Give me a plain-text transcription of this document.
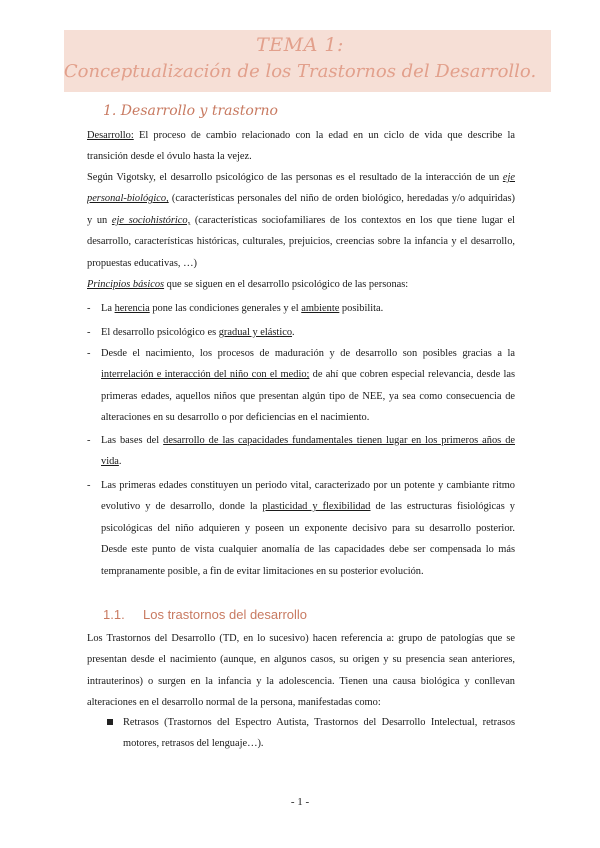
TEMA 1:
Conceptualización de los Trastornos del Desarrollo.
1. Desarrollo y trastorno
Desarrollo: El proceso de cambio relacionado con la edad en un ciclo de vida que describe la
transición desde el óvulo hasta la vejez.
Según Vigotsky, el desarrollo psicológico de las personas es el resultado de la interacción de un eje
personal-biológico, (características personales del niño de orden biológico, heredadas y/o adquiridas)
y un eje sociohistórico, (características sociofamiliares de los contextos en los que tiene lugar el
desarrollo, características históricas, culturales, prejuicios, creencias sobre la infancia y el desarrollo,
propuestas educativas, …)
Principios básicos que se siguen en el desarrollo psicológico de las personas:
- La herencia pone las condiciones generales y el ambiente posibilita.
- El desarrollo psicológico es gradual y elástico.
- Desde el nacimiento, los procesos de maduración y de desarrollo son posibles gracias a la
interrelación e interacción del niño con el medio; de ahí que cobren especial relevancia, desde las
primeras edades, aquellos niños que presentan algún tipo de NEE, ya sea como consecuencia de
alteraciones en su desarrollo o por deficiencias en el nacimiento.
- Las bases del desarrollo de las capacidades fundamentales tienen lugar en los primeros años de
vida.
- Las primeras edades constituyen un periodo vital, caracterizado por un potente y cambiante ritmo
evolutivo y de desarrollo, donde la plasticidad y flexibilidad de las estructuras fisiológicas y
psicológicas del niño adquieren y poseen un exponente decisivo para su desarrollo posterior.
Desde este punto de vista cualquier anomalía de las capacidades debe ser compensada lo más
tempranamente posible, a fin de evitar limitaciones en su posterior evolución.
1.1. Los trastornos del desarrollo
Los Trastornos del Desarrollo (TD, en lo sucesivo) hacen referencia a: grupo de patologías que se
presentan desde el nacimiento (aunque, en algunos casos, su origen y su presencia sean anteriores,
intrauterinos) o surgen en la infancia y la adolescencia. Tienen una causa biológica y conllevan
alteraciones en el desarrollo normal de la persona, manifestadas como:
Retrasos (Trastornos del Espectro Autista, Trastornos del Desarrollo Intelectual, retrasos
motores, retrasos del lenguaje…).
- 1 -
